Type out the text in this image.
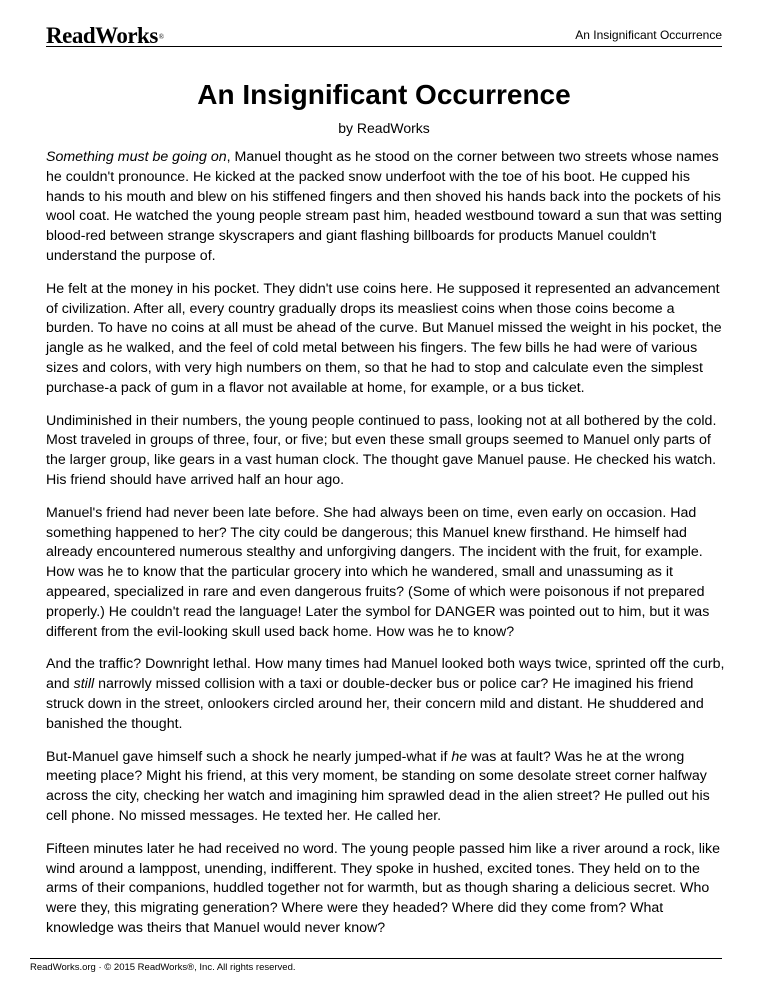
ReadWorks®	An Insignificant Occurrence
An Insignificant Occurrence
by ReadWorks

Something must be going on, Manuel thought as he stood on the corner between two streets whose names he couldn't pronounce. He kicked at the packed snow underfoot with the toe of his boot. He cupped his hands to his mouth and blew on his stiffened fingers and then shoved his hands back into the pockets of his wool coat. He watched the young people stream past him, headed westbound toward a sun that was setting blood-red between strange skyscrapers and giant flashing billboards for products Manuel couldn't understand the purpose of.

He felt at the money in his pocket. They didn't use coins here. He supposed it represented an advancement of civilization. After all, every country gradually drops its measliest coins when those coins become a burden. To have no coins at all must be ahead of the curve. But Manuel missed the weight in his pocket, the jangle as he walked, and the feel of cold metal between his fingers. The few bills he had were of various sizes and colors, with very high numbers on them, so that he had to stop and calculate even the simplest purchase-a pack of gum in a flavor not available at home, for example, or a bus ticket.

Undiminished in their numbers, the young people continued to pass, looking not at all bothered by the cold. Most traveled in groups of three, four, or five; but even these small groups seemed to Manuel only parts of the larger group, like gears in a vast human clock. The thought gave Manuel pause. He checked his watch. His friend should have arrived half an hour ago.

Manuel's friend had never been late before. She had always been on time, even early on occasion. Had something happened to her? The city could be dangerous; this Manuel knew firsthand. He himself had already encountered numerous stealthy and unforgiving dangers. The incident with the fruit, for example. How was he to know that the particular grocery into which he wandered, small and unassuming as it appeared, specialized in rare and even dangerous fruits? (Some of which were poisonous if not prepared properly.) He couldn't read the language! Later the symbol for DANGER was pointed out to him, but it was different from the evil-looking skull used back home. How was he to know?

And the traffic? Downright lethal. How many times had Manuel looked both ways twice, sprinted off the curb, and still narrowly missed collision with a taxi or double-decker bus or police car? He imagined his friend struck down in the street, onlookers circled around her, their concern mild and distant. He shuddered and banished the thought.

But-Manuel gave himself such a shock he nearly jumped-what if he was at fault? Was he at the wrong meeting place? Might his friend, at this very moment, be standing on some desolate street corner halfway across the city, checking her watch and imagining him sprawled dead in the alien street? He pulled out his cell phone. No missed messages. He texted her. He called her.

Fifteen minutes later he had received no word. The young people passed him like a river around a rock, like wind around a lamppost, unending, indifferent. They spoke in hushed, excited tones. They held on to the arms of their companions, huddled together not for warmth, but as though sharing a delicious secret. Who were they, this migrating generation? Where were they headed? Where did they come from? What knowledge was theirs that Manuel would never know?

ReadWorks.org · © 2015 ReadWorks®, Inc. All rights reserved.
